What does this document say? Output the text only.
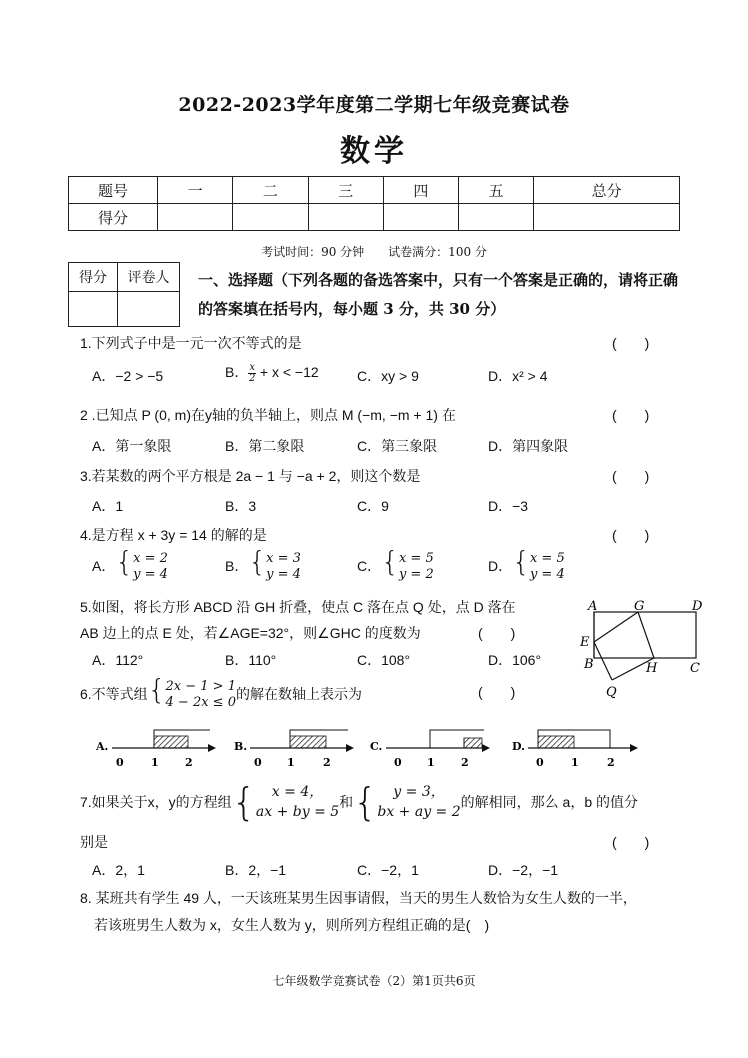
2022-2023学年度第二学期七年级竞赛试卷
数学
题号	一	二	三	四	五	总分
得分						
考试时间：90 分钟　　试卷满分：100 分
得分	评卷人
	一、选择题（下列各题的备选答案中，只有一个答案是正确的，请将正确的答案填在括号内，每小题 3 分，共 30 分）
1.下列式子中是一元一次不等式的是	(　　)
A．−2 > −5	B． $\frac{x}{2} + x < -12$	C．xy > 9	D．x² > 4
2 .已知点 P (0, m)在y轴的负半轴上，则点 M (−m, −m + 1) 在	(　　)
A．第一象限	B．第二象限	C．第三象限	D．第四象限
3.若某数的两个平方根是 2a − 1 与 −a + 2，则这个数是	(　　)
A．1	B．3	C．9	D．−3
4.是方程 x + 3y = 14 的解的是	(　　)
A．{ x = 2
y = 4
B．{ x = 3
y = 4
C．{ x = 5
y = 2
D．{ x = 5
y = 4
5.如图，将长方形 ABCD 沿 GH 折叠，使点 C 落在点 Q 处，点 D 落在
AB 边上的点 E 处，若∠AGE=32°，则∠GHC 的度数为	(　　)
A．112°	B．110°	C．108°	D．106°
A	G	D
E
B	H	C
Q
6.不等式组{ 2x − 1 > 1
4 − 2x ≤ 0
的解在数轴上表示为	(　　)
A.
0 1 2
B.
0 1	2
C.
0 1 2
D.
0 1	2
7.如果关于x，y的方程组{	x = 4，
ax + by = 5
和{	y = 3，
bx + ay = 2
的解相同，那么 a，b 的值分
别是	(　　)
A．2，1	B．2，−1	C．−2，1	D．−2，−1
8. 某班共有学生 49 人，一天该班某男生因事请假，当天的男生人数恰为女生人数的一半，
若该班男生人数为 x，女生人数为 y，则所列方程组正确的是(　)
七年级数学竞赛试卷（2）第1页共6页
